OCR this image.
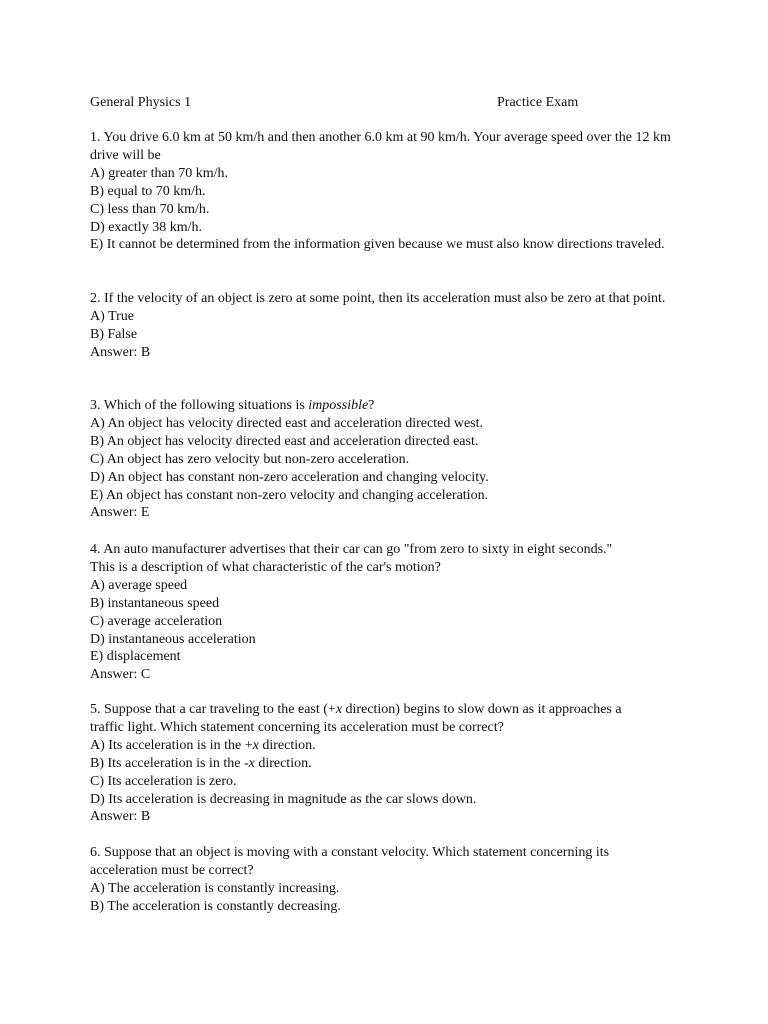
General Physics 1	Practice Exam
1. You drive 6.0 km at 50 km/h and then another 6.0 km at 90 km/h. Your average speed over the 12 km drive will be
A) greater than 70 km/h.
B) equal to 70 km/h.
C) less than 70 km/h.
D) exactly 38 km/h.
E) It cannot be determined from the information given because we must also know directions traveled.
2. If the velocity of an object is zero at some point, then its acceleration must also be zero at that point.
A) True
B) False
Answer: B
3. Which of the following situations is impossible?
A) An object has velocity directed east and acceleration directed west.
B) An object has velocity directed east and acceleration directed east.
C) An object has zero velocity but non-zero acceleration.
D) An object has constant non-zero acceleration and changing velocity.
E) An object has constant non-zero velocity and changing acceleration.
Answer: E
4. An auto manufacturer advertises that their car can go "from zero to sixty in eight seconds."
This is a description of what characteristic of the car's motion?
A) average speed
B) instantaneous speed
C) average acceleration
D) instantaneous acceleration
E) displacement
Answer: C
5. Suppose that a car traveling to the east (+x direction) begins to slow down as it approaches a
traffic light. Which statement concerning its acceleration must be correct?
A) Its acceleration is in the +x direction.
B) Its acceleration is in the -x direction.
C) Its acceleration is zero.
D) Its acceleration is decreasing in magnitude as the car slows down.
Answer: B
6. Suppose that an object is moving with a constant velocity. Which statement concerning its
acceleration must be correct?
A) The acceleration is constantly increasing.
B) The acceleration is constantly decreasing.
